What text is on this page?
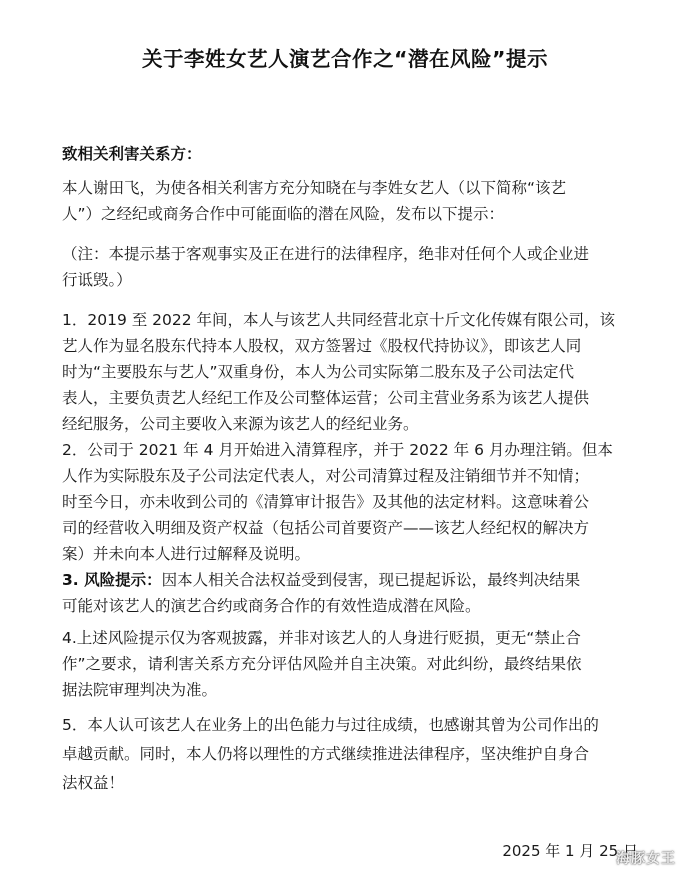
关于李姓女艺人演艺合作之“潜在风险”提示
致相关利害关系方：
本人谢田飞，为使各相关利害方充分知晓在与李姓女艺人（以下简称“该艺
人”）之经纪或商务合作中可能面临的潜在风险，发布以下提示：
（注：本提示基于客观事实及正在进行的法律程序，绝非对任何个人或企业进
行诋毁。）
1．2019 至 2022 年间，本人与该艺人共同经营北京十斤文化传媒有限公司，该
艺人作为显名股东代持本人股权，双方签署过《股权代持协议》，即该艺人同
时为“主要股东与艺人”双重身份，本人为公司实际第二股东及子公司法定代
表人，主要负责艺人经纪工作及公司整体运营；公司主营业务系为该艺人提供
经纪服务，公司主要收入来源为该艺人的经纪业务。
2．公司于 2021 年 4 月开始进入清算程序，并于 2022 年 6 月办理注销。但本
人作为实际股东及子公司法定代表人，对公司清算过程及注销细节并不知情；
时至今日，亦未收到公司的《清算审计报告》及其他的法定材料。这意味着公
司的经营收入明细及资产权益（包括公司首要资产——该艺人经纪权的解决方
案）并未向本人进行过解释及说明。
3. 风险提示：因本人相关合法权益受到侵害，现已提起诉讼，最终判决结果
可能对该艺人的演艺合约或商务合作的有效性造成潜在风险。
4.上述风险提示仅为客观披露，并非对该艺人的人身进行贬损，更无“禁止合
作”之要求，请利害关系方充分评估风险并自主决策。对此纠纷，最终结果依
据法院审理判决为准。
5．本人认可该艺人在业务上的出色能力与过往成绩，也感谢其曾为公司作出的
卓越贡献。同时，本人仍将以理性的方式继续推进法律程序，坚决维护自身合
法权益！
2025 年 1 月 25 日
海豚女王
